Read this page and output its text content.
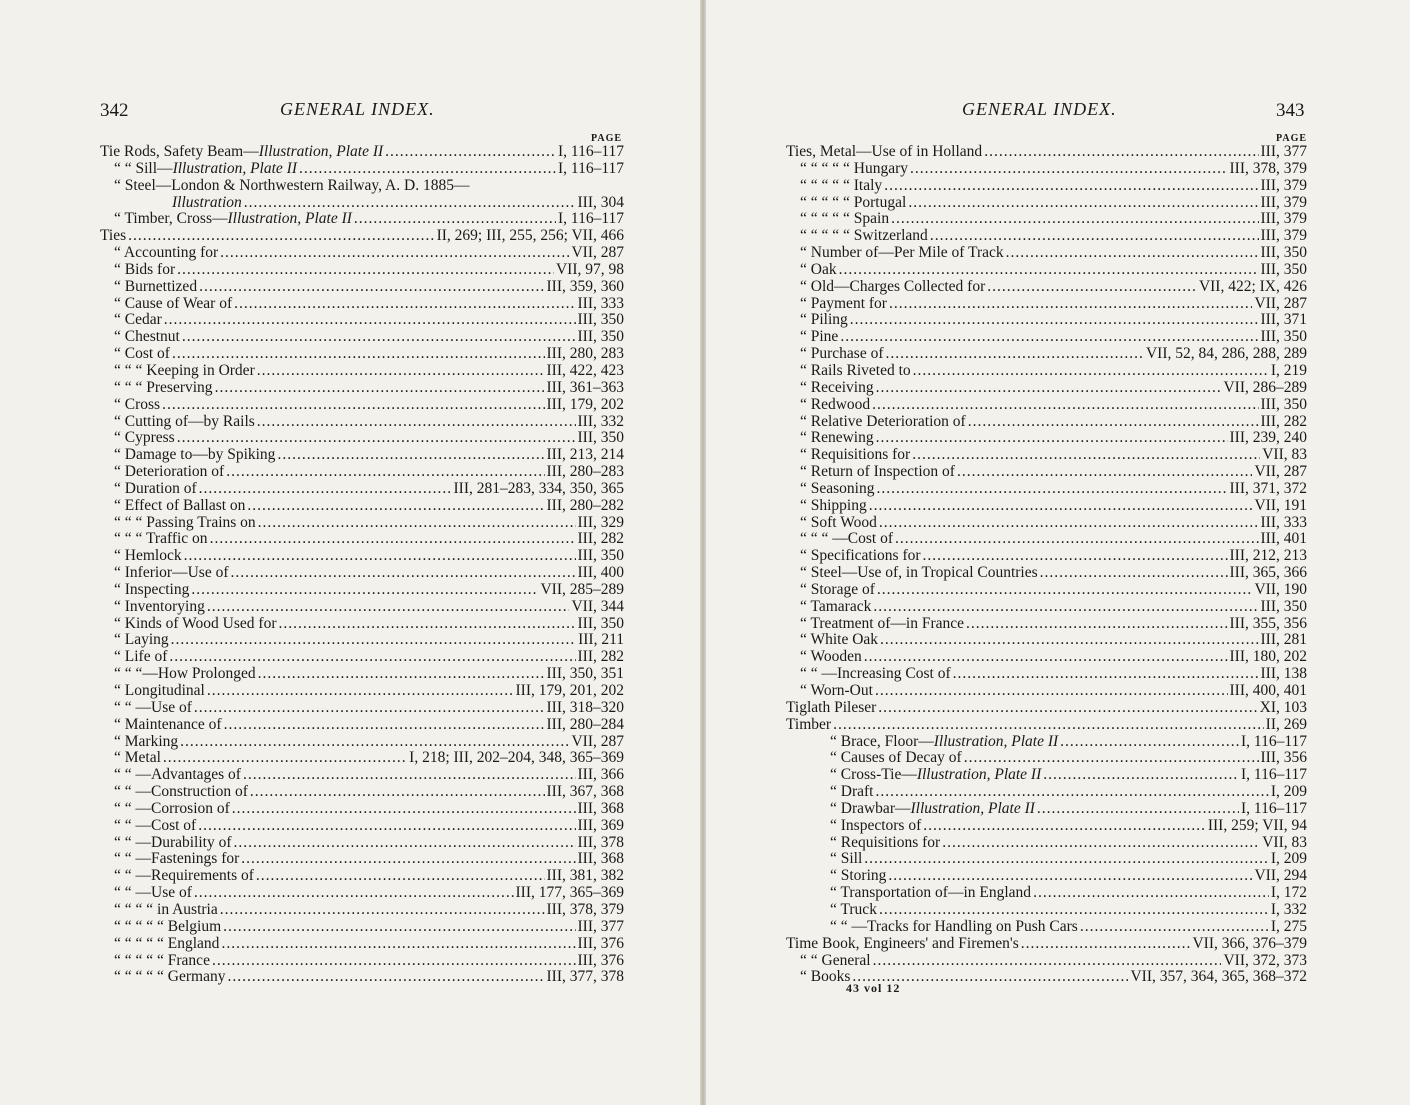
342	GENERAL INDEX.
PAGE
Tie Rods, Safety Beam—Illustration, Plate II .....	I, 116–117
“ “ Sill—Illustration, Plate II .....	I, 116–117
“ Steel—London & Northwestern Railway, A. D. 1885—
Illustration .....	III, 304
“ Timber, Cross—Illustration, Plate II .....	I, 116–117
Ties .....	II, 269; III, 255, 256; VII, 466
“ Accounting for .....	VII, 287
“ Bids for .....	VII, 97, 98
“ Burnettized .....	III, 359, 360
“ Cause of Wear of .....	III, 333
“ Cedar .....	III, 350
“ Chestnut .....	III, 350
“ Cost of .....	III, 280, 283
“ “ “ Keeping in Order .....	III, 422, 423
“ “ “ Preserving .....	III, 361–363
“ Cross .....	III, 179, 202
“ Cutting of—by Rails .....	III, 332
“ Cypress .....	III, 350
“ Damage to—by Spiking .....	III, 213, 214
“ Deterioration of .....	III, 280–283
“ Duration of .....	III, 281–283, 334, 350, 365
“ Effect of Ballast on .....	III, 280–282
“ “ “ Passing Trains on .....	III, 329
“ “ “ Traffic on .....	III, 282
“ Hemlock .....	III, 350
“ Inferior—Use of .....	III, 400
“ Inspecting .....	VII, 285–289
“ Inventorying .....	VII, 344
“ Kinds of Wood Used for .....	III, 350
“ Laying .....	III, 211
“ Life of .....	III, 282
“ “ “—How Prolonged .....	III, 350, 351
“ Longitudinal .....	III, 179, 201, 202
“ “ —Use of .....	III, 318–320
“ Maintenance of .....	III, 280–284
“ Marking .....	VII, 287
“ Metal .....	I, 218; III, 202–204, 348, 365–369
“ “ —Advantages of .....	III, 366
“ “ —Construction of .....	III, 367, 368
“ “ —Corrosion of .....	III, 368
“ “ —Cost of .....	III, 369
“ “ —Durability of .....	III, 378
“ “ —Fastenings for .....	III, 368
“ “ —Requirements of .....	III, 381, 382
“ “ —Use of .....	III, 177, 365–369
“ “ “ “ in Austria .....	III, 378, 379
“ “ “ “ “ Belgium .....	III, 377
“ “ “ “ “ England .....	III, 376
“ “ “ “ “ France .....	III, 376
“ “ “ “ “ Germany .....	III, 377, 378
GENERAL INDEX.	343
PAGE
Ties, Metal—Use of in Holland .....	III, 377
“ “ “ “ “ Hungary .....	III, 378, 379
“ “ “ “ “ Italy .....	III, 379
“ “ “ “ “ Portugal .....	III, 379
“ “ “ “ “ Spain .....	III, 379
“ “ “ “ “ Switzerland .....	III, 379
“ Number of—Per Mile of Track .....	III, 350
“ Oak .....	III, 350
“ Old—Charges Collected for .....	VII, 422; IX, 426
“ Payment for .....	VII, 287
“ Piling .....	III, 371
“ Pine .....	III, 350
“ Purchase of .....	VII, 52, 84, 286, 288, 289
“ Rails Riveted to .....	I, 219
“ Receiving .....	VII, 286–289
“ Redwood .....	III, 350
“ Relative Deterioration of .....	III, 282
“ Renewing .....	III, 239, 240
“ Requisitions for .....	VII, 83
“ Return of Inspection of .....	VII, 287
“ Seasoning .....	III, 371, 372
“ Shipping .....	VII, 191
“ Soft Wood .....	III, 333
“ “ “ —Cost of .....	III, 401
“ Specifications for .....	III, 212, 213
“ Steel—Use of, in Tropical Countries .....	III, 365, 366
“ Storage of .....	VII, 190
“ Tamarack .....	III, 350
“ Treatment of—in France .....	III, 355, 356
“ White Oak .....	III, 281
“ Wooden .....	III, 180, 202
“ “ —Increasing Cost of .....	III, 138
“ Worn-Out .....	III, 400, 401
Tiglath Pileser .....	XI, 103
Timber .....	II, 269
“ Brace, Floor—Illustration, Plate II .....	I, 116–117
“ Causes of Decay of .....	III, 356
“ Cross-Tie—Illustration, Plate II .....	I, 116–117
“ Draft .....	I, 209
“ Drawbar—Illustration, Plate II .....	I, 116–117
“ Inspectors of .....	III, 259; VII, 94
“ Requisitions for .....	VII, 83
“ Sill .....	I, 209
“ Storing .....	VII, 294
“ Transportation of—in England .....	I, 172
“ Truck .....	I, 332
“ “ —Tracks for Handling on Push Cars .....	I, 275
Time Book, Engineers' and Firemen's .....	VII, 366, 376–379
“ “ General .....	VII, 372, 373
“ Books .....	VII, 357, 364, 365, 368–372
43 vol 12
